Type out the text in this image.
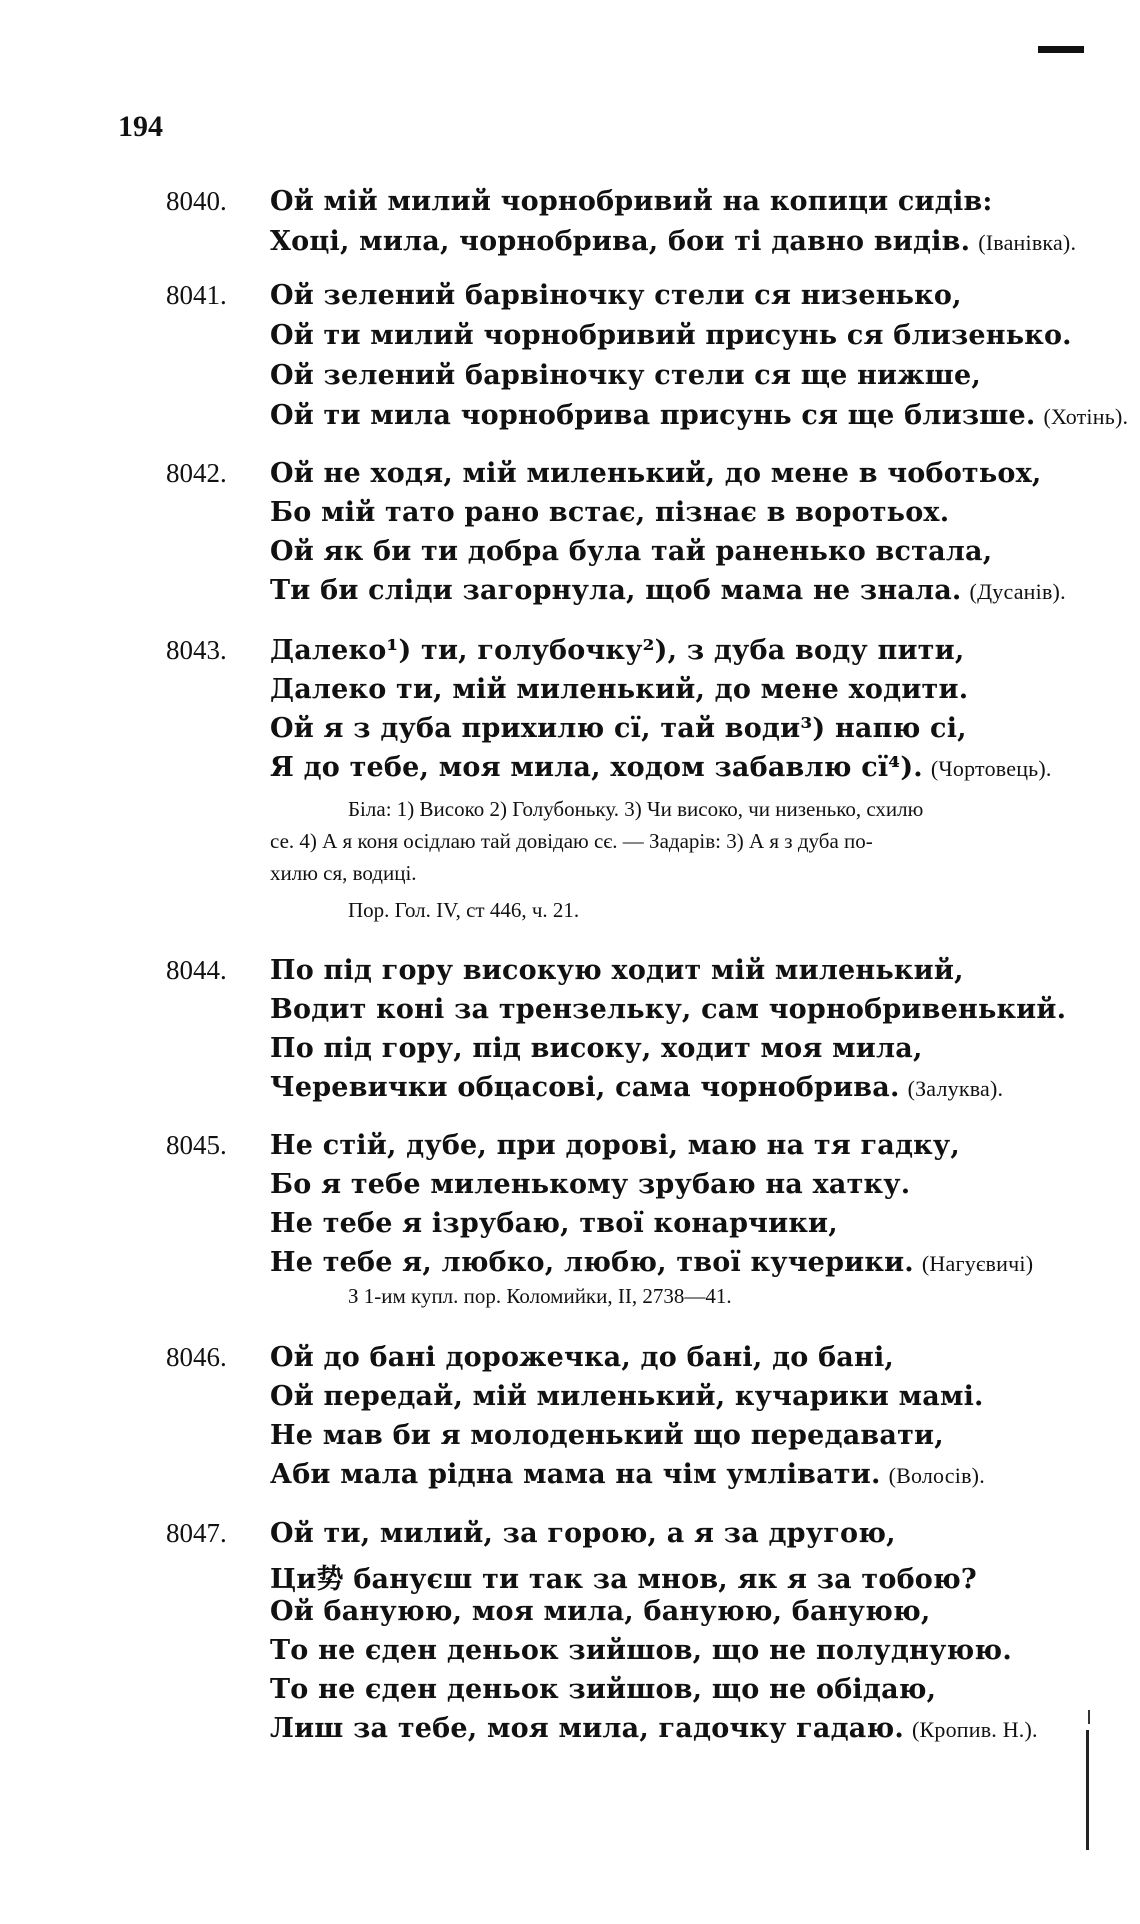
194
8040. Ой мій милий чорнобривий на копици сидів:
Хоці, мила, чорнобрива, бои ті давно видів. (Іванівка).
8041. Ой зелений барвіночку стели ся низенько,
Ой ти милий чорнобривий присунь ся близенько.
Ой зелений барвіночку стели ся ще нижше,
Ой ти мила чорнобрива присунь ся ще близше. (Хотінь).
8042. Ой не ходя, мій миленький, до мене в чоботьох,
Бо мій тато рано встає, пізнає в воротьох.
Ой як би ти добра була тай раненько встала,
Ти би сліди загорнула, щоб мама не знала. (Дусанів).
8043. Далеко¹) ти, голубочку²), з дуба воду пити,
Далеко ти, мій миленький, до мене ходити.
Ой я з дуба прихилю сї, тай води³) напю сі,
Я до тебе, моя мила, ходом забавлю сї⁴). (Чортовець).
Біла: 1) Високо 2) Голубоньку. 3) Чи високо, чи низенько, схилю
се. 4) А я коня осідлаю тай довідаю сє. — Задарів: 3) А я з дуба по-
хилю ся, водиці.
Пор. Гол. IV, ст 446, ч. 21.
8044. По під гору високую ходит мій миленький,
Водит коні за трензельку, сам чорнобривенький.
По під гору, під високу, ходит моя мила,
Черевички обцасові, сама чорнобрива. (Залуква).
8045. Не стій, дубе, при дорові, маю на тя гадку,
Бо я тебе миленькому зрубаю на хатку.
Не тебе я ізрубаю, твої конарчики,
Не тебе я, любко, любю, твої кучерики. (Нагуєвичі)
З 1-им купл. пор. Коломийки, II, 2738—41.
8046. Ой до бані дорожечка, до бані, до бані,
Ой передай, мій миленький, кучарики мамі.
Не мав би я молоденький що передавати,
Аби мала рідна мама на чім умлівати. (Волосів).
8047. Ой ти, милий, за горою, а я за другою,
Ци势 бануєш ти так за мнов, як я за тобою?
Ой бануюю, моя мила, бануюю, бануюю,
То не єден деньок зийшов, що не полуднуюю.
То не єден деньок зийшов, що не обідаю,
Лиш за тебе, моя мила, гадочку гадаю. (Кропив. Н.).
